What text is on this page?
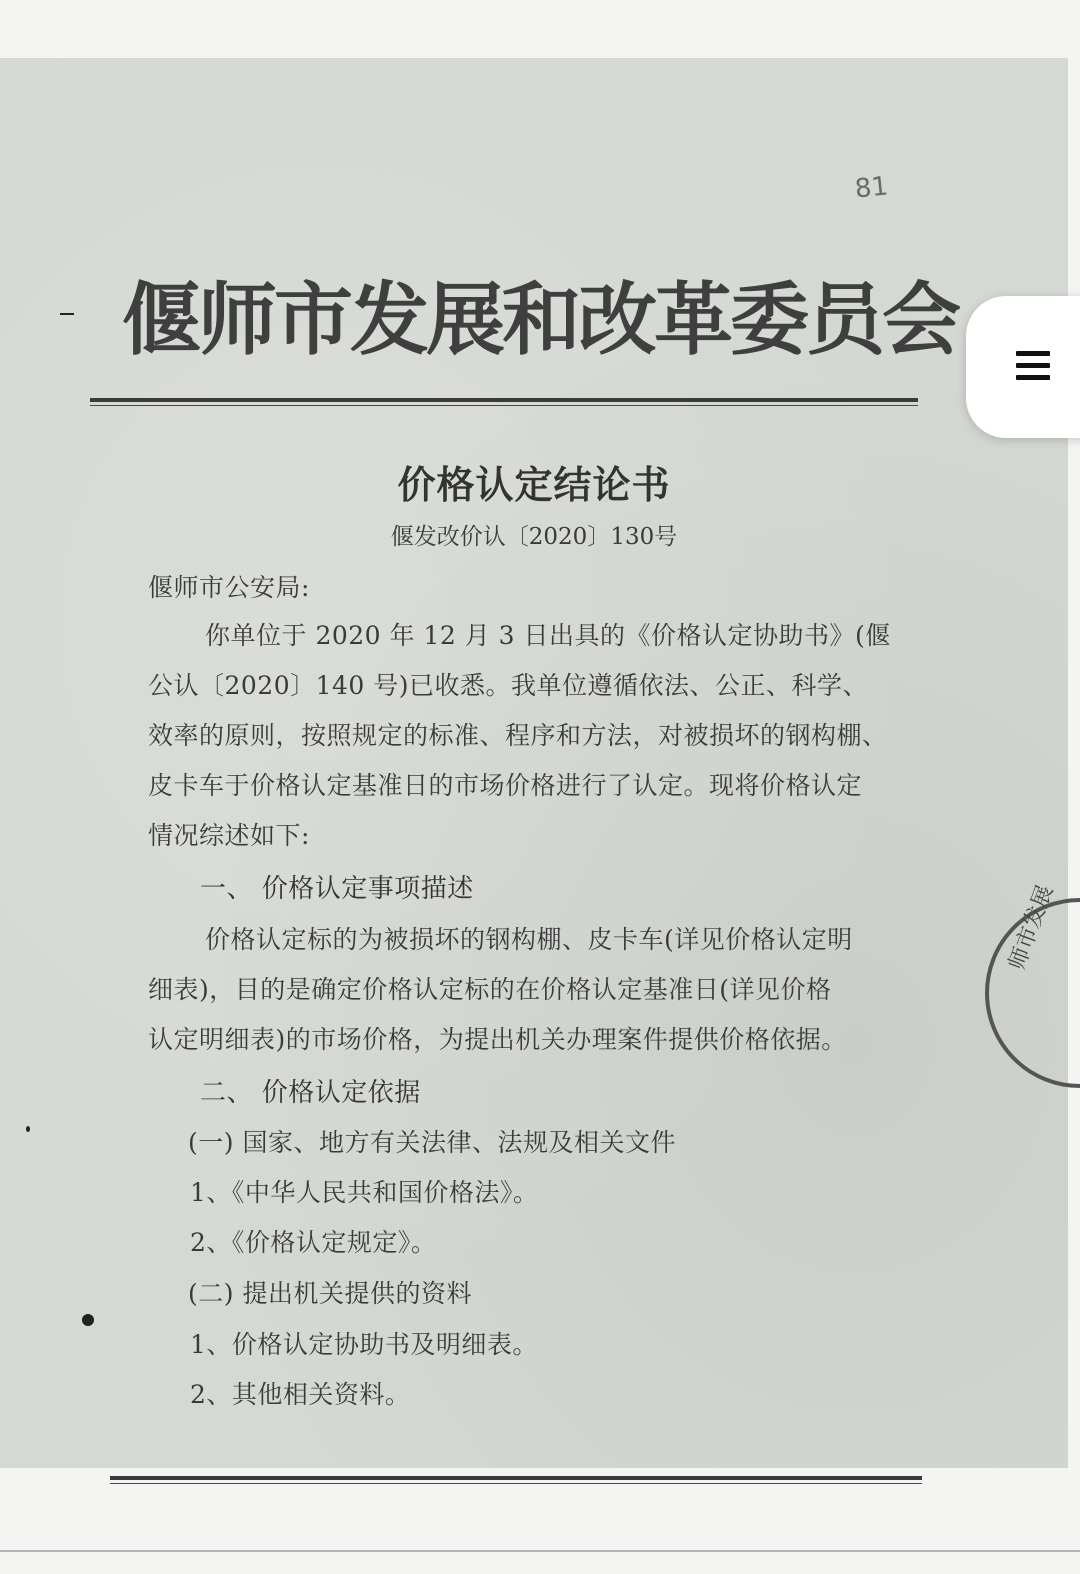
81
偃师市发展和改革委员会
价格认定结论书
偃发改价认〔2020〕130号
偃师市公安局:
你单位于 2020 年 12 月 3 日出具的《价格认定协助书》(偃
公认〔2020〕140 号)已收悉。我单位遵循依法、公正、科学、
效率的原则，按照规定的标准、程序和方法，对被损坏的钢构棚、
皮卡车于价格认定基准日的市场价格进行了认定。现将价格认定
情况综述如下:
一、 价格认定事项描述
价格认定标的为被损坏的钢构棚、皮卡车(详见价格认定明
细表)，目的是确定价格认定标的在价格认定基准日(详见价格
认定明细表)的市场价格，为提出机关办理案件提供价格依据。
二、 价格认定依据
(一) 国家、地方有关法律、法规及相关文件
1、《中华人民共和国价格法》。
2、《价格认定规定》。
(二) 提出机关提供的资料
1、价格认定协助书及明细表。
2、其他相关资料。
师市发展
